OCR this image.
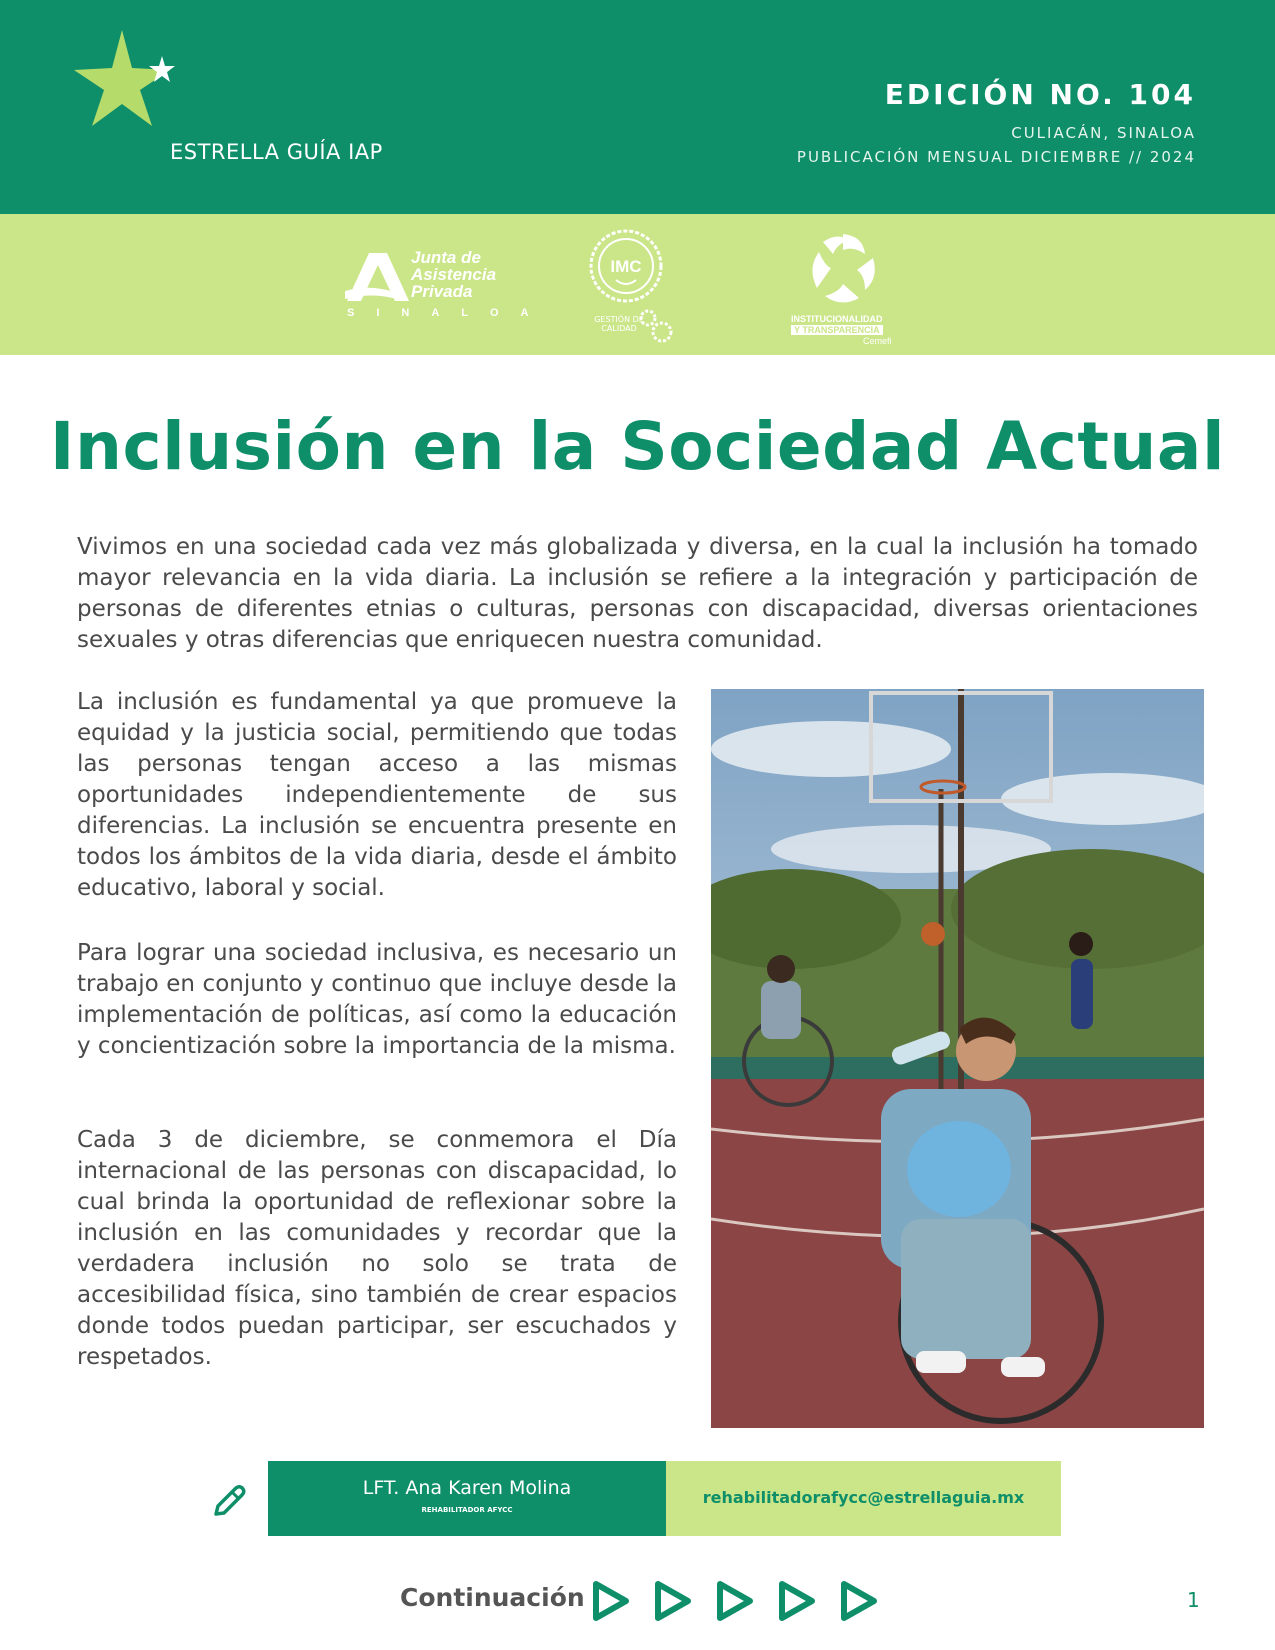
ESTRELLA GUÍA IAP
EDICIÓN NO. 104
CULIACÁN, SINALOA
PUBLICACIÓN MENSUAL DICIEMBRE // 2024
Junta de
Asistencia
Privada
SINALOA
IMC
GESTIÓN DE
CALIDAD
INSTITUCIONALIDAD
Y TRANSPARENCIA
Cemefi
Inclusión en la Sociedad Actual

Vivimos en una sociedad cada vez más globalizada y diversa, en la cual la inclusión ha tomado mayor relevancia en la vida diaria. La inclusión se refiere a la integración y participación de personas de diferentes etnias o culturas, personas con discapacidad, diversas orientaciones sexuales y otras diferencias que enriquecen nuestra comunidad.

La inclusión es fundamental ya que promueve la equidad y la justicia social, permitiendo que todas las personas tengan acceso a las mismas oportunidades independientemente de sus diferencias. La inclusión se encuentra presente en todos los ámbitos de la vida diaria, desde el ámbito educativo, laboral y social.

Para lograr una sociedad inclusiva, es necesario un trabajo en conjunto y continuo que incluye desde la implementación de políticas, así como la educación y concientización sobre la importancia de la misma.

Cada 3 de diciembre, se conmemora el Día internacional de las personas con discapacidad, lo cual brinda la oportunidad de reflexionar sobre la inclusión en las comunidades y recordar que la verdadera inclusión no solo se trata de accesibilidad física, sino también de crear espacios donde todos puedan participar, ser escuchados y respetados.

LFT. Ana Karen Molina
REHABILITADOR AFYCC
rehabilitadorafycc@estrellaguia.mx
Continuación	1
